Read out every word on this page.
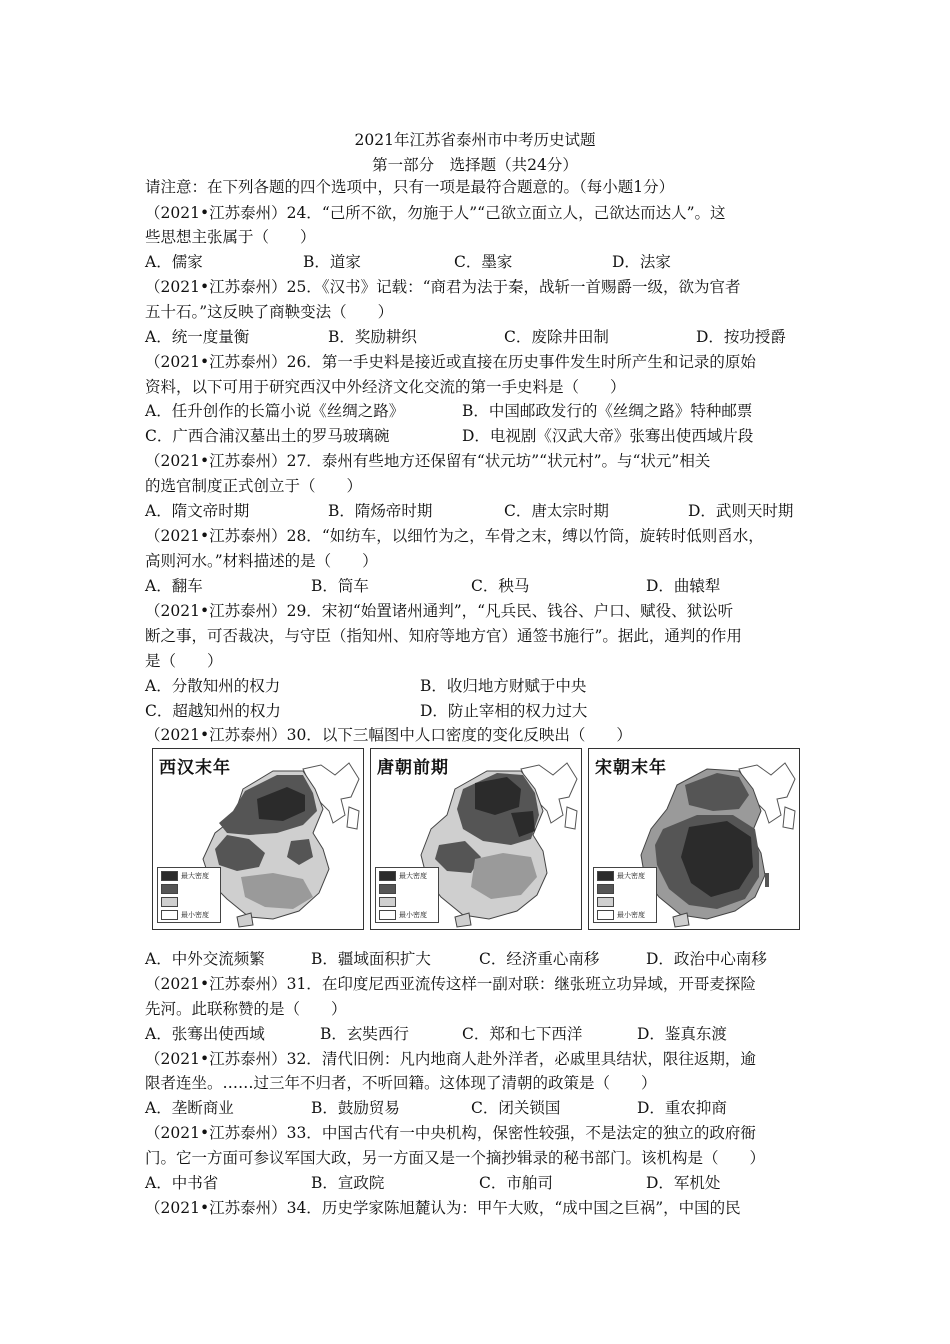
2021年江苏省泰州市中考历史试题
第一部分　选择题（共24分）
请注意：在下列各题的四个选项中，只有一项是最符合题意的。（每小题1分）
（2021•江苏泰州）24．“己所不欲，勿施于人”“己欲立面立人，己欲达而达人”。这
些思想主张属于（　　）
A．儒家	B．道家	C．墨家	D．法家
（2021•江苏泰州）25．《汉书》记载：“商君为法于秦，战斩一首赐爵一级，欲为官者
五十石。”这反映了商鞅变法（　　）
A．统一度量衡	B．奖励耕织	C．废除井田制	D．按功授爵
（2021•江苏泰州）26．第一手史料是接近或直接在历史事件发生时所产生和记录的原始
资料，以下可用于研究西汉中外经济文化交流的第一手史料是（　　）
A．任升创作的长篇小说《丝绸之路》	B．中国邮政发行的《丝绸之路》特种邮票
C．广西合浦汉墓出土的罗马玻璃碗	D．电视剧《汉武大帝》张骞出使西域片段
（2021•江苏泰州）27．泰州有些地方还保留有“状元坊”“状元村”。与“状元”相关
的选官制度正式创立于（　　）
A．隋文帝时期	B．隋炀帝时期	C．唐太宗时期	D．武则天时期
（2021•江苏泰州）28．“如纺车，以细竹为之，车骨之末，缚以竹筒，旋转时低则舀水，
高则河水。”材料描述的是（　　）
A．翻车	B．筒车	C．秧马	D．曲辕犁
（2021•江苏泰州）29．宋初“始置诸州通判”，“凡兵民、钱谷、户口、赋役、狱讼听
断之事，可否裁决，与守臣（指知州、知府等地方官）通签书施行”。据此，通判的作用
是（　　）
A．分散知州的权力	B．收归地方财赋于中央
C．超越知州的权力	D．防止宰相的权力过大
（2021•江苏泰州）30．以下三幅图中人口密度的变化反映出（　　）
西汉末年
最大密度
最小密度
唐朝前期
最大密度
最小密度
宋朝末年
最大密度
最小密度
A．中外交流频繁	B．疆域面积扩大	C．经济重心南移	D．政治中心南移
（2021•江苏泰州）31．在印度尼西亚流传这样一副对联：继张班立功异域，开哥麦探险
先河。此联称赞的是（　　）
A．张骞出使西域	B．玄奘西行	C．郑和七下西洋	D．鉴真东渡
（2021•江苏泰州）32．清代旧例：凡内地商人赴外洋者，必戚里具结状，限往返期，逾
限者连坐。……过三年不归者，不听回籍。这体现了清朝的政策是（　　）
A．垄断商业	B．鼓励贸易	C．闭关锁国	D．重农抑商
（2021•江苏泰州）33．中国古代有一中央机构，保密性较强，不是法定的独立的政府衙
门。它一方面可参议军国大政，另一方面又是一个摘抄辑录的秘书部门。该机构是（　　）
A．中书省	B．宣政院	C．市舶司	D．军机处
（2021•江苏泰州）34．历史学家陈旭麓认为：甲午大败，“成中国之巨祸”，中国的民
